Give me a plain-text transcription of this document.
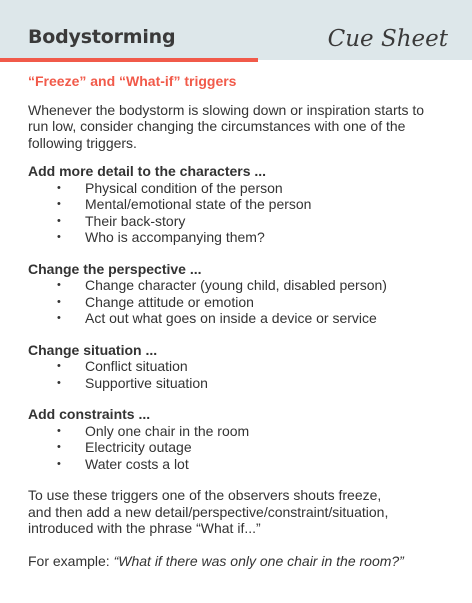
Bodystorming	Cue Sheet

“Freeze” and “What-if” triggers

Whenever the bodystorm is slowing down or inspiration starts to run low, consider changing the circumstances with one of the following triggers.

Add more detail to the characters ...

• Physical condition of the person
• Mental/emotional state of the person
• Their back-story
• Who is accompanying them?

Change the perspective ...

• Change character (young child, disabled person)
• Change attitude or emotion
• Act out what goes on inside a device or service

Change situation ...

• Conflict situation
• Supportive situation

Add constraints ...

• Only one chair in the room
• Electricity outage
• Water costs a lot

To use these triggers one of the observers shouts freeze,
and then add a new detail/perspective/constraint/situation,
introduced with the phrase “What if...”

For example: “What if there was only one chair in the room?”
